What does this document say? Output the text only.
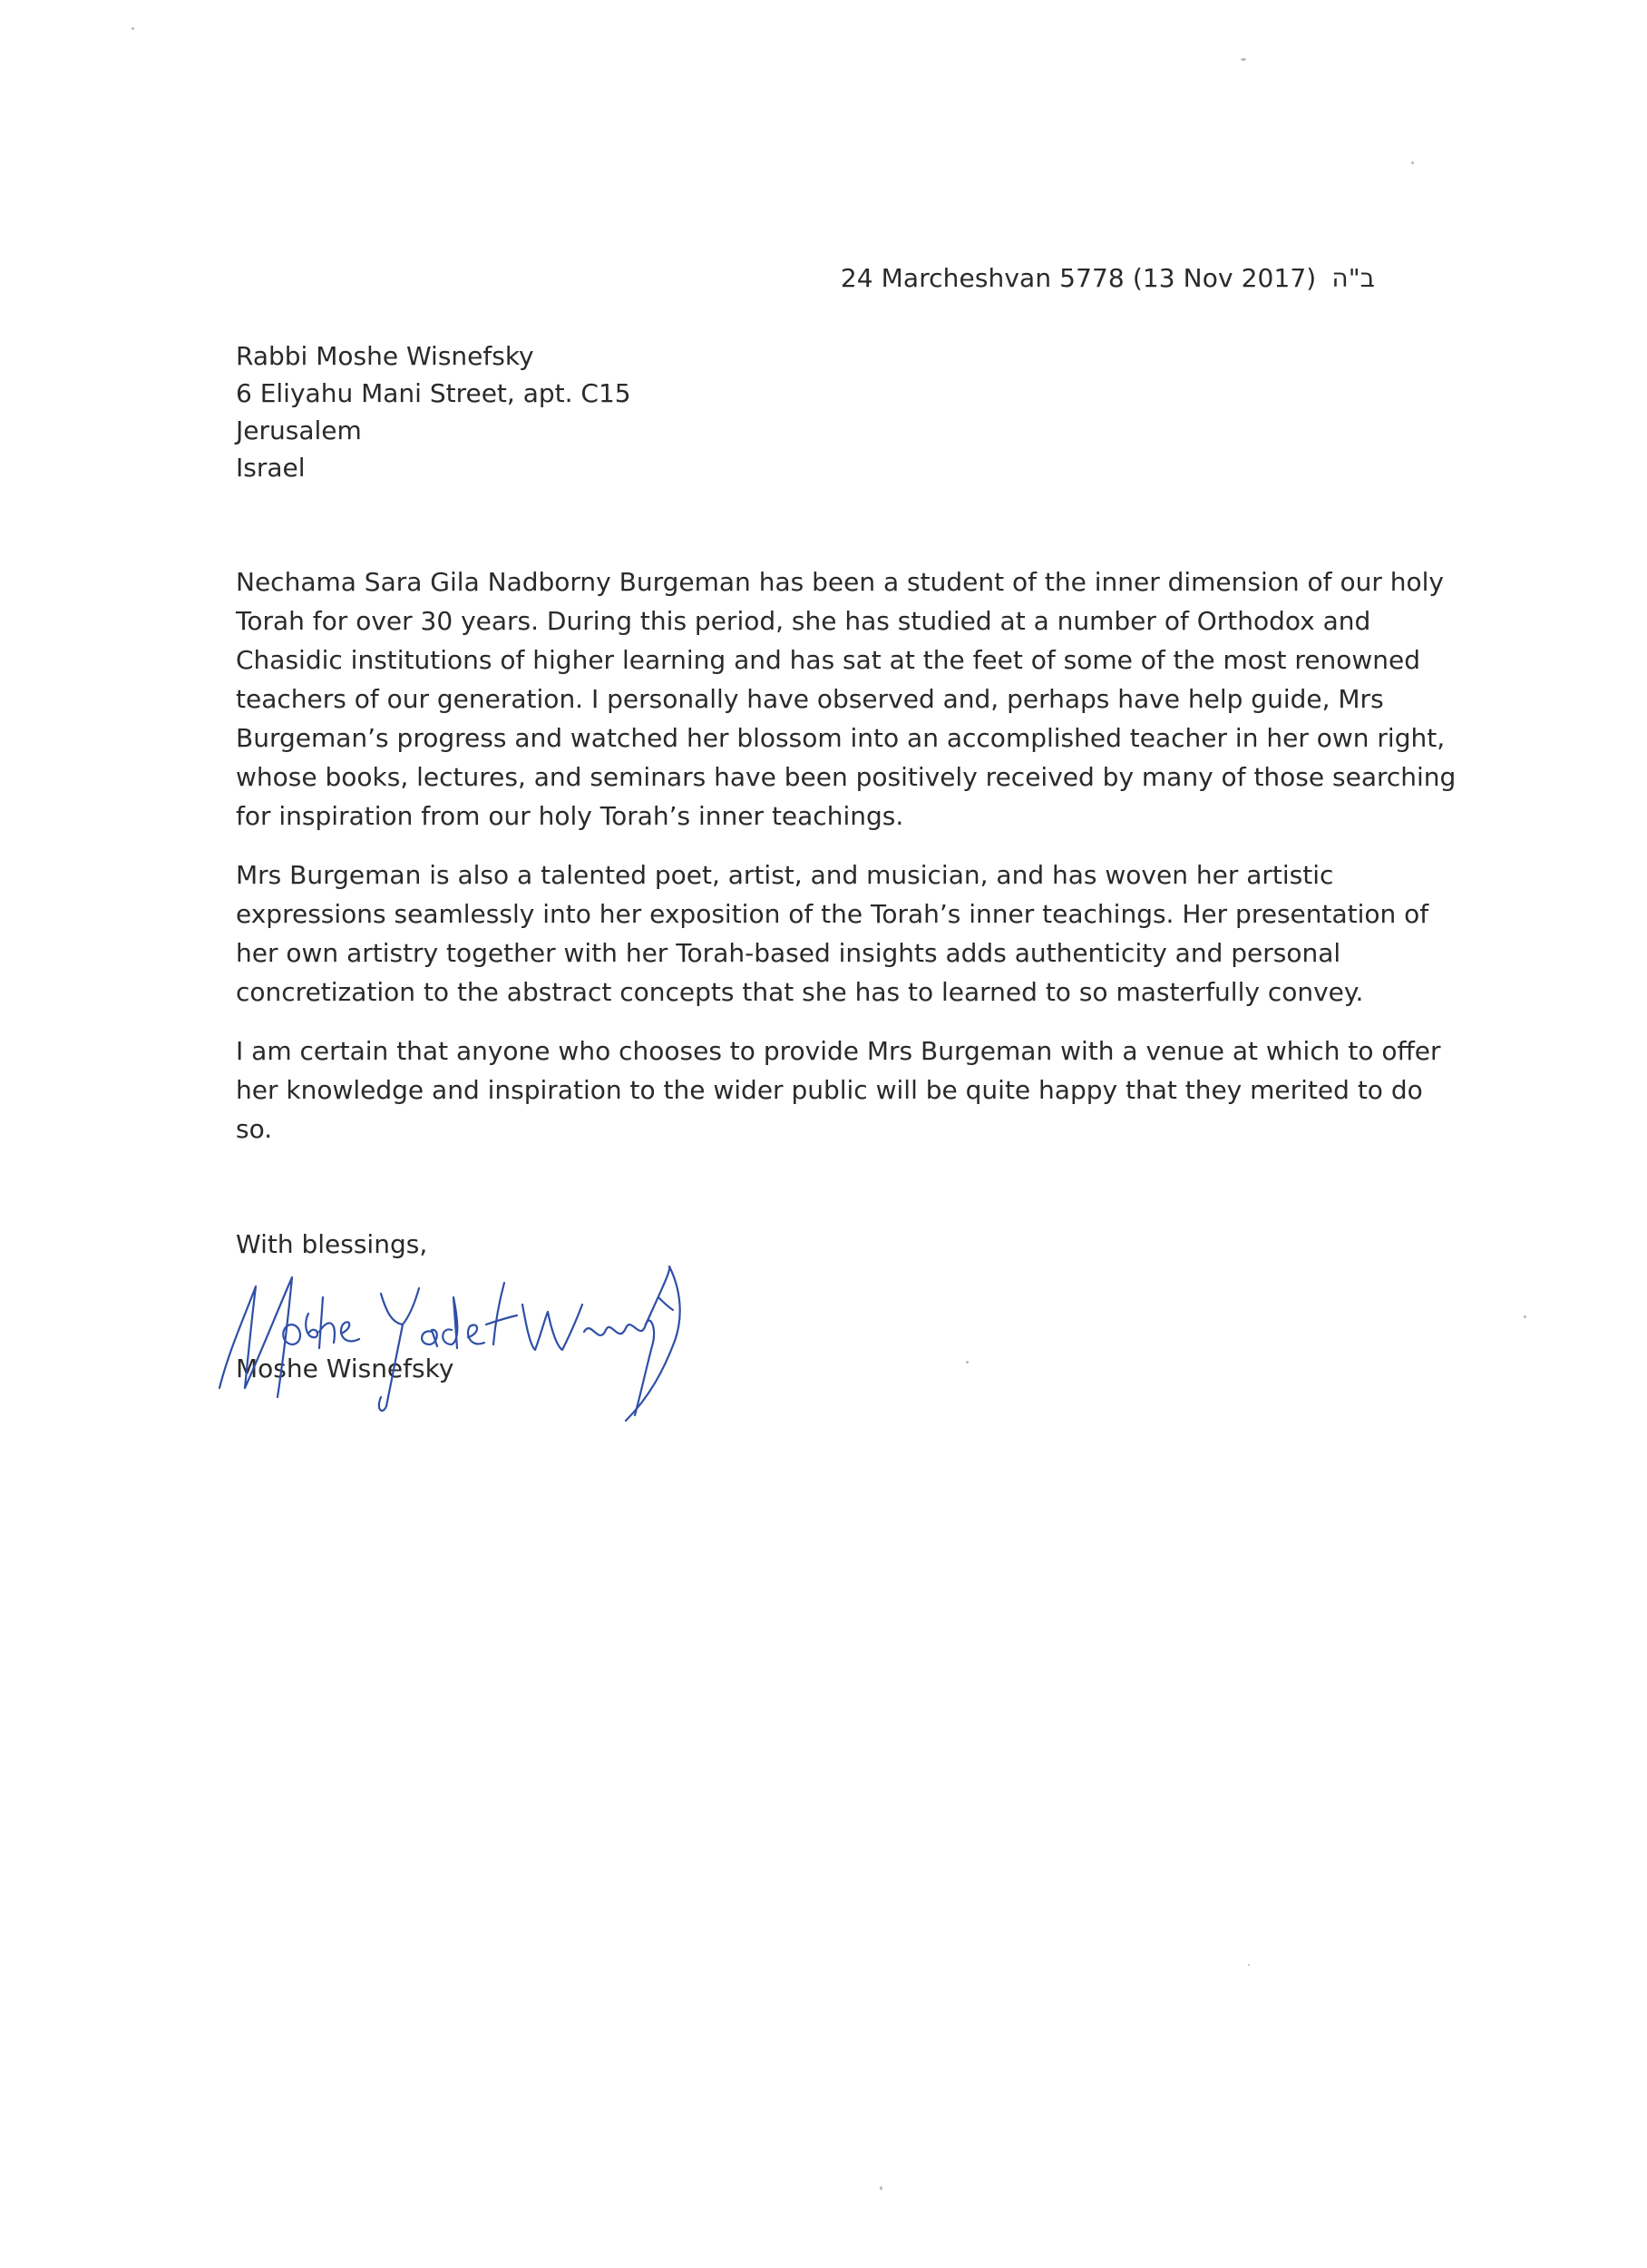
24 Marcheshvan 5778 (13 Nov 2017) ב"ה
Rabbi Moshe Wisnefsky
6 Eliyahu Mani Street, apt. C15
Jerusalem
Israel

Nechama Sara Gila Nadborny Burgeman has been a student of the inner dimension of our holy
Torah for over 30 years. During this period, she has studied at a number of Orthodox and
Chasidic institutions of higher learning and has sat at the feet of some of the most renowned
teachers of our generation. I personally have observed and, perhaps have help guide, Mrs
Burgeman’s progress and watched her blossom into an accomplished teacher in her own right,
whose books, lectures, and seminars have been positively received by many of those searching
for inspiration from our holy Torah’s inner teachings.

Mrs Burgeman is also a talented poet, artist, and musician, and has woven her artistic
expressions seamlessly into her exposition of the Torah’s inner teachings. Her presentation of
her own artistry together with her Torah-based insights adds authenticity and personal
concretization to the abstract concepts that she has to learned to so masterfully convey.

I am certain that anyone who chooses to provide Mrs Burgeman with a venue at which to offer
her knowledge and inspiration to the wider public will be quite happy that they merited to do
so.

With blessings,
Moshe Wisnefsky
